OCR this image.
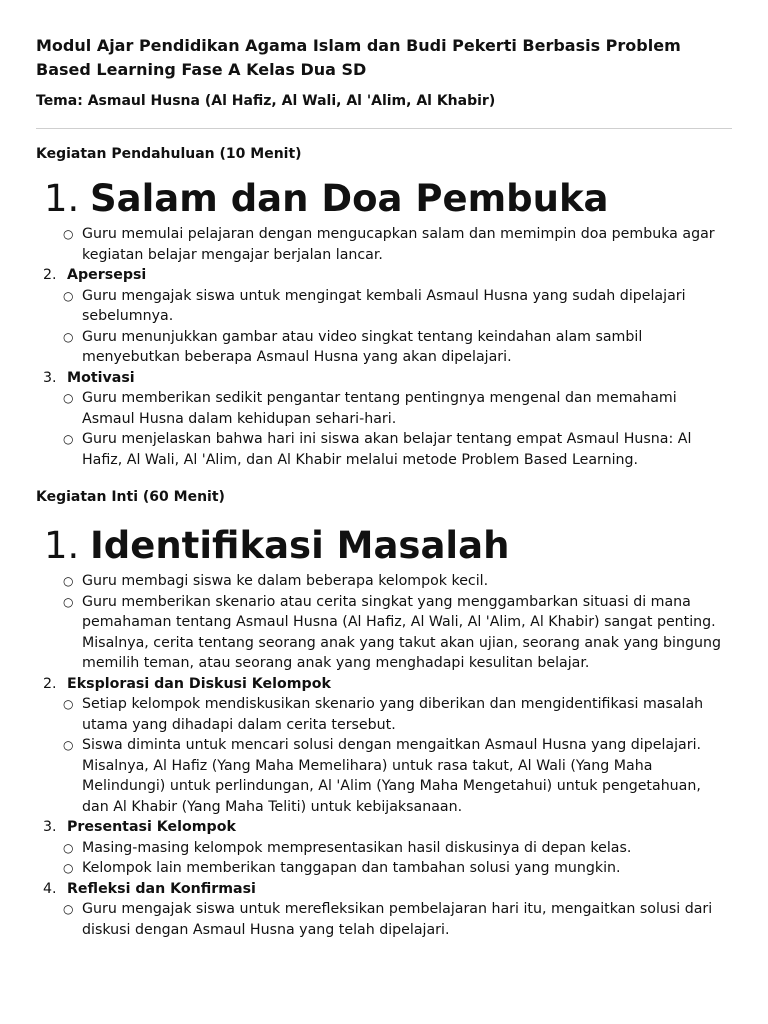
Modul Ajar Pendidikan Agama Islam dan Budi Pekerti Berbasis Problem Based Learning Fase A Kelas Dua SD

Tema: Asmaul Husna (Al Hafiz, Al Wali, Al 'Alim, Al Khabir)

Kegiatan Pendahuluan (10 Menit)

1. Salam dan Doa Pembuka
○ Guru memulai pelajaran dengan mengucapkan salam dan memimpin doa pembuka agar kegiatan belajar mengajar berjalan lancar.
2. Apersepsi
○ Guru mengajak siswa untuk mengingat kembali Asmaul Husna yang sudah dipelajari sebelumnya.
○ Guru menunjukkan gambar atau video singkat tentang keindahan alam sambil menyebutkan beberapa Asmaul Husna yang akan dipelajari.
3. Motivasi
○ Guru memberikan sedikit pengantar tentang pentingnya mengenal dan memahami Asmaul Husna dalam kehidupan sehari-hari.
○ Guru menjelaskan bahwa hari ini siswa akan belajar tentang empat Asmaul Husna: Al Hafiz, Al Wali, Al 'Alim, dan Al Khabir melalui metode Problem Based Learning.

Kegiatan Inti (60 Menit)

1. Identifikasi Masalah
○ Guru membagi siswa ke dalam beberapa kelompok kecil.
○ Guru memberikan skenario atau cerita singkat yang menggambarkan situasi di mana pemahaman tentang Asmaul Husna (Al Hafiz, Al Wali, Al 'Alim, Al Khabir) sangat penting. Misalnya, cerita tentang seorang anak yang takut akan ujian, seorang anak yang bingung memilih teman, atau seorang anak yang menghadapi kesulitan belajar.
2. Eksplorasi dan Diskusi Kelompok
○ Setiap kelompok mendiskusikan skenario yang diberikan dan mengidentifikasi masalah utama yang dihadapi dalam cerita tersebut.
○ Siswa diminta untuk mencari solusi dengan mengaitkan Asmaul Husna yang dipelajari. Misalnya, Al Hafiz (Yang Maha Memelihara) untuk rasa takut, Al Wali (Yang Maha Melindungi) untuk perlindungan, Al 'Alim (Yang Maha Mengetahui) untuk pengetahuan, dan Al Khabir (Yang Maha Teliti) untuk kebijaksanaan.
3. Presentasi Kelompok
○ Masing-masing kelompok mempresentasikan hasil diskusinya di depan kelas.
○ Kelompok lain memberikan tanggapan dan tambahan solusi yang mungkin.
4. Refleksi dan Konfirmasi
○ Guru mengajak siswa untuk merefleksikan pembelajaran hari itu, mengaitkan solusi dari diskusi dengan Asmaul Husna yang telah dipelajari.
